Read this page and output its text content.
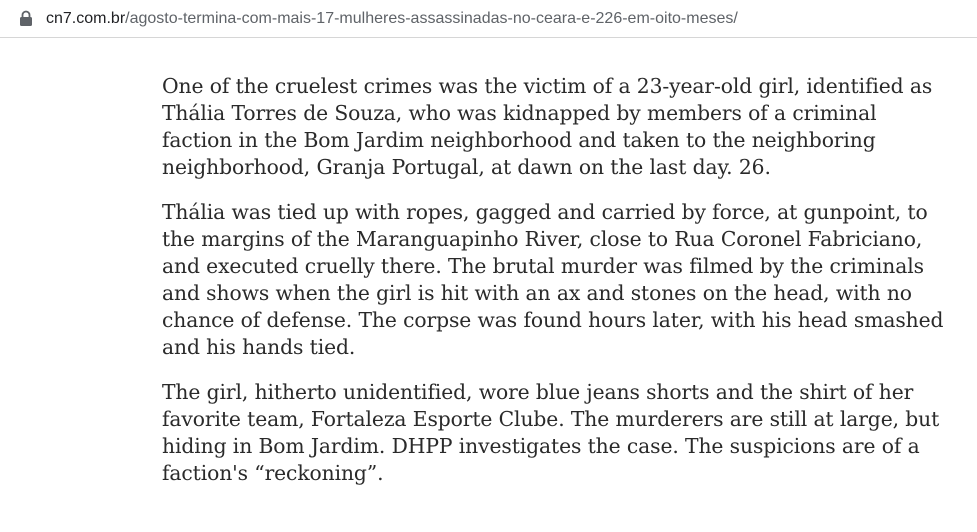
cn7.com.br/agosto-termina-com-mais-17-mulheres-assassinadas-no-ceara-e-226-em-oito-meses/

One of the cruelest crimes was the victim of a 23-year-old girl, identified as Thália Torres de Souza, who was kidnapped by members of a criminal faction in the Bom Jardim neighborhood and taken to the neighboring neighborhood, Granja Portugal, at dawn on the last day. 26.

Thália was tied up with ropes, gagged and carried by force, at gunpoint, to the margins of the Maranguapinho River, close to Rua Coronel Fabriciano, and executed cruelly there. The brutal murder was filmed by the criminals and shows when the girl is hit with an ax and stones on the head, with no chance of defense. The corpse was found hours later, with his head smashed and his hands tied.

The girl, hitherto unidentified, wore blue jeans shorts and the shirt of her favorite team, Fortaleza Esporte Clube. The murderers are still at large, but hiding in Bom Jardim. DHPP investigates the case. The suspicions are of a faction's “reckoning”.
